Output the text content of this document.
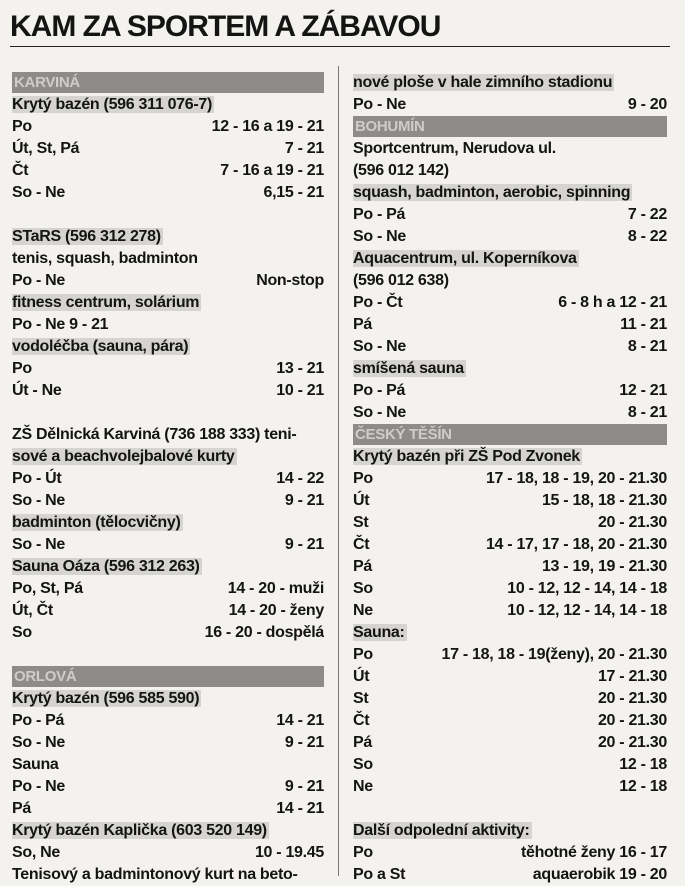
KAM ZA SPORTEM A ZÁBAVOU
KARVINÁ
Krytý bazén (596 311 076-7)
Po	12 - 16 a 19 - 21
Út, St, Pá	7 - 21
Čt	7 - 16 a 19 - 21
So - Ne	6,15 - 21
STaRS (596 312 278)
tenis, squash, badminton
Po - Ne	Non-stop
fitness centrum, solárium
Po - Ne 9 - 21
vodoléčba (sauna, pára)
Po	13 - 21
Út - Ne	10 - 21
ZŠ Dělnická Karviná (736 188 333) teni-
sové a beachvolejbalové kurty
Po - Út	14 - 22
So - Ne	9 - 21
badminton (tělocvičny)
So - Ne	9 - 21
Sauna Oáza (596 312 263)
Po, St, Pá	14 - 20 - muži
Út, Čt	14 - 20 - ženy
So	16 - 20 - dospělá
ORLOVÁ
Krytý bazén (596 585 590)
Po - Pá	14 - 21
So - Ne	9 - 21
Sauna
Po - Ne	9 - 21
Pá	14 - 21
Krytý bazén Kaplička (603 520 149)
So, Ne	10 - 19.45
Tenisový a badmintonový kurt na beto-
nové ploše v hale zimního stadionu
Po - Ne	9 - 20
BOHUMÍN
Sportcentrum, Nerudova ul.
(596 012 142)
squash, badminton, aerobic, spinning
Po - Pá	7 - 22
So - Ne	8 - 22
Aquacentrum, ul. Koperníkova
(596 012 638)
Po - Čt	6 - 8 h a 12 - 21
Pá	11 - 21
So - Ne	8 - 21
smíšená sauna
Po - Pá	12 - 21
So - Ne	8 - 21
ČESKÝ TĚŠÍN
Krytý bazén při ZŠ Pod Zvonek
Po	17 - 18, 18 - 19, 20 - 21.30
Út	15 - 18, 18 - 21.30
St	20 - 21.30
Čt	14 - 17, 17 - 18, 20 - 21.30
Pá	13 - 19, 19 - 21.30
So	10 - 12, 12 - 14, 14 - 18
Ne	10 - 12, 12 - 14, 14 - 18
Sauna:
Po	17 - 18, 18 - 19(ženy), 20 - 21.30
Út	17 - 21.30
St	20 - 21.30
Čt	20 - 21.30
Pá	20 - 21.30
So	12 - 18
Ne	12 - 18
Další odpolední aktivity:
Po	těhotné ženy 16 - 17
Po a St	aquaerobik 19 - 20
